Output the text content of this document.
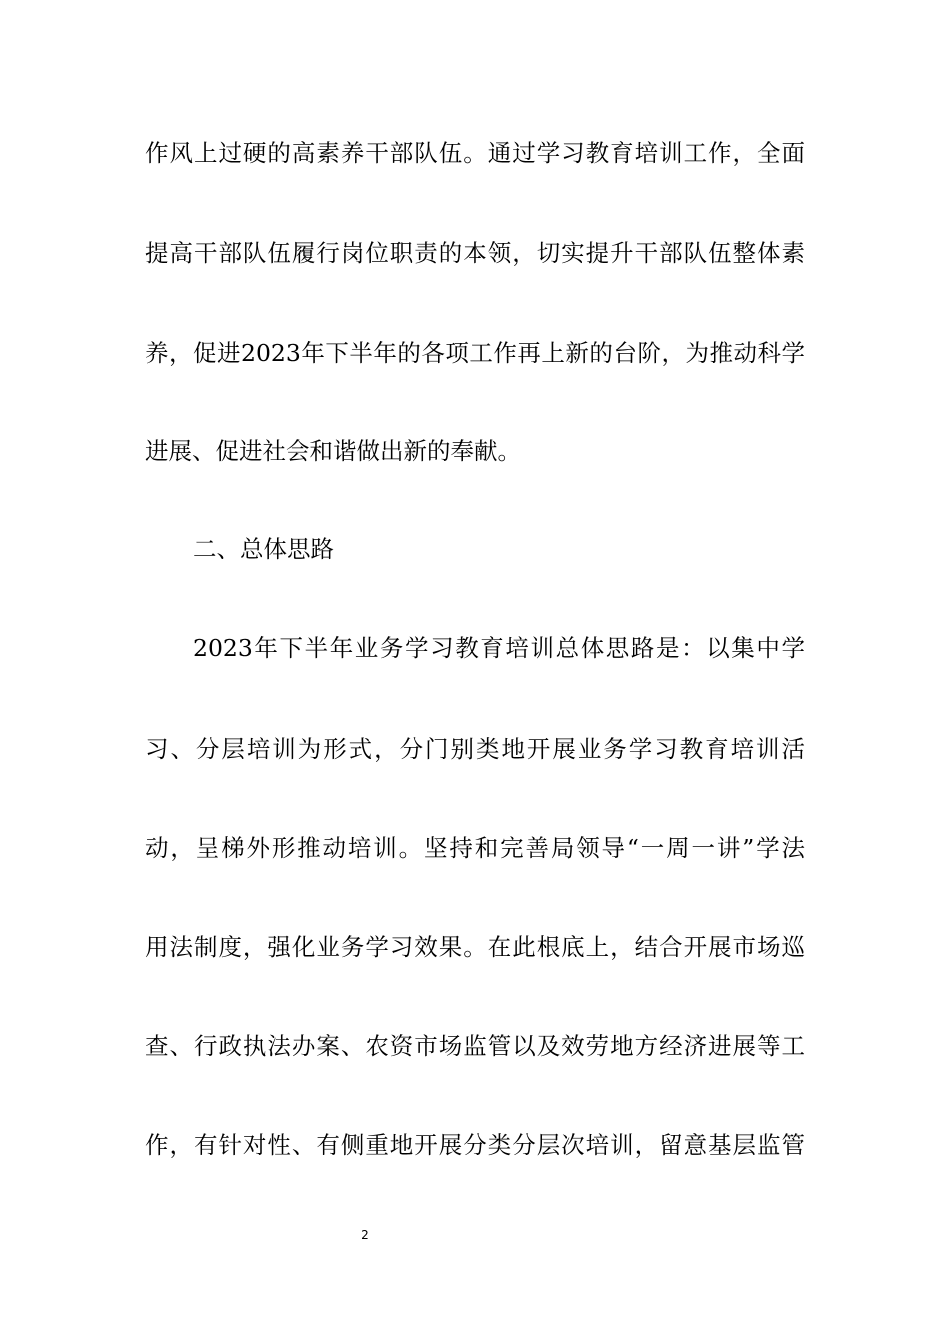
作风上过硬的高素养干部队伍。通过学习教育培训工作，全面
提高干部队伍履行岗位职责的本领，切实提升干部队伍整体素
养，促进2023年下半年的各项工作再上新的台阶，为推动科学
进展、促进社会和谐做出新的奉献。
二、总体思路
2023年下半年业务学习教育培训总体思路是：以集中学
习、分层培训为形式，分门别类地开展业务学习教育培训活
动，呈梯外形推动培训。坚持和完善局领导“一周一讲”学法
用法制度，强化业务学习效果。在此根底上，结合开展市场巡
查、行政执法办案、农资市场监管以及效劳地方经济进展等工
作，有针对性、有侧重地开展分类分层次培训，留意基层监管
2
